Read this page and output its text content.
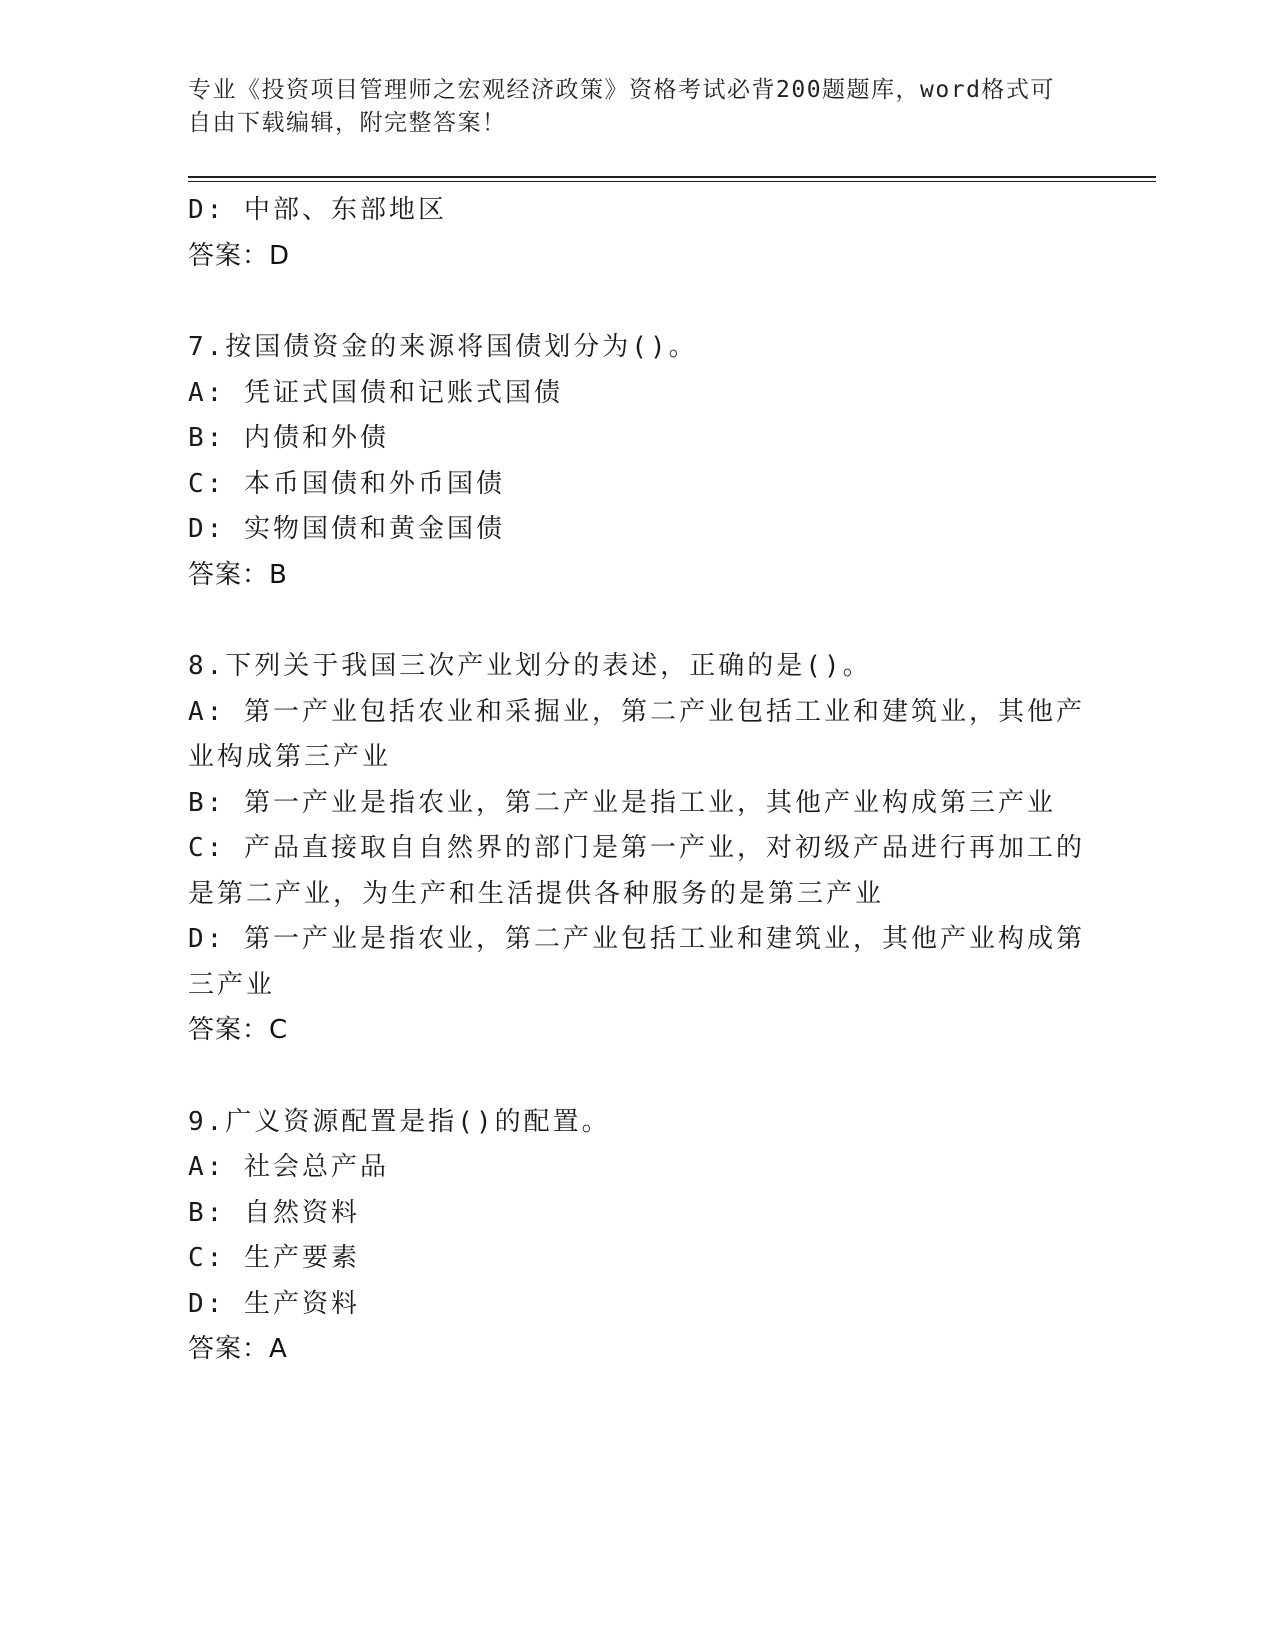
专业《投资项目管理师之宏观经济政策》资格考试必背200题题库，word格式可
自由下载编辑，附完整答案！
D: 中部、东部地区
答案：D
7.按国债资金的来源将国债划分为()。
A: 凭证式国债和记账式国债
B: 内债和外债
C: 本币国债和外币国债
D: 实物国债和黄金国债
答案：B
8.下列关于我国三次产业划分的表述，正确的是()。
A: 第一产业包括农业和采掘业，第二产业包括工业和建筑业，其他产业构成第三产业
B: 第一产业是指农业，第二产业是指工业，其他产业构成第三产业
C: 产品直接取自自然界的部门是第一产业，对初级产品进行再加工的是第二产业，为生产和生活提供各种服务的是第三产业
D: 第一产业是指农业，第二产业包括工业和建筑业，其他产业构成第三产业
答案：C
9.广义资源配置是指()的配置。
A: 社会总产品
B: 自然资料
C: 生产要素
D: 生产资料
答案：A
